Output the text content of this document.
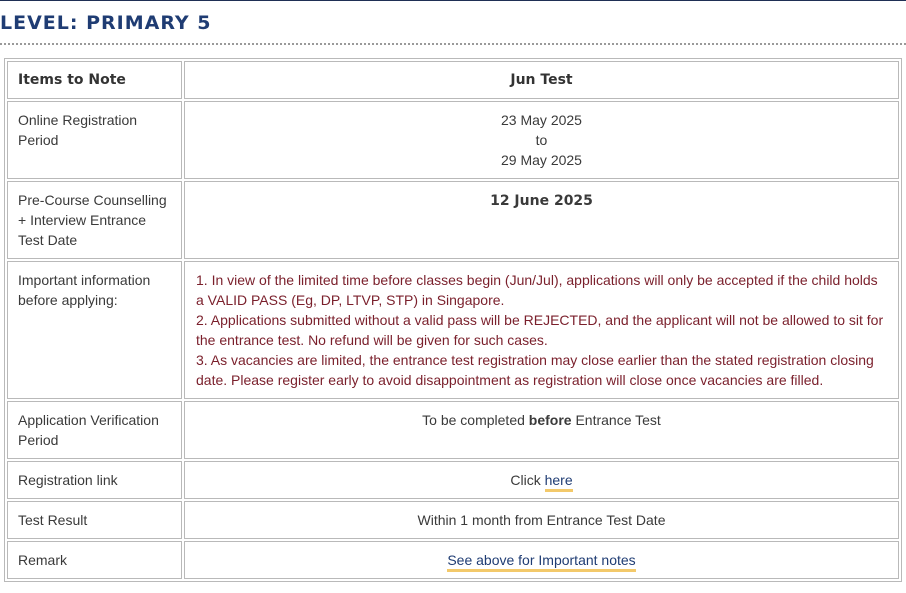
LEVEL: PRIMARY 5
Items to Note	Jun Test
Online Registration Period	23 May 2025
to
29 May 2025

Pre-Course Counselling + Interview Entrance Test Date	12 June 2025
Important information before applying:	1. In view of the limited time before classes begin (Jun/Jul), applications will only be accepted if the child holds a VALID PASS (Eg, DP, LTVP, STP) in Singapore.
2. Applications submitted without a valid pass will be REJECTED, and the applicant will not be allowed to sit for the entrance test. No refund will be given for such cases.
3. As vacancies are limited, the entrance test registration may close earlier than the stated registration closing date. Please register early to avoid disappointment as registration will close once vacancies are filled.

Application Verification Period	To be completed before Entrance Test
Registration link	Click here
Test Result	Within 1 month from Entrance Test Date
Remark	See above for Important notes
